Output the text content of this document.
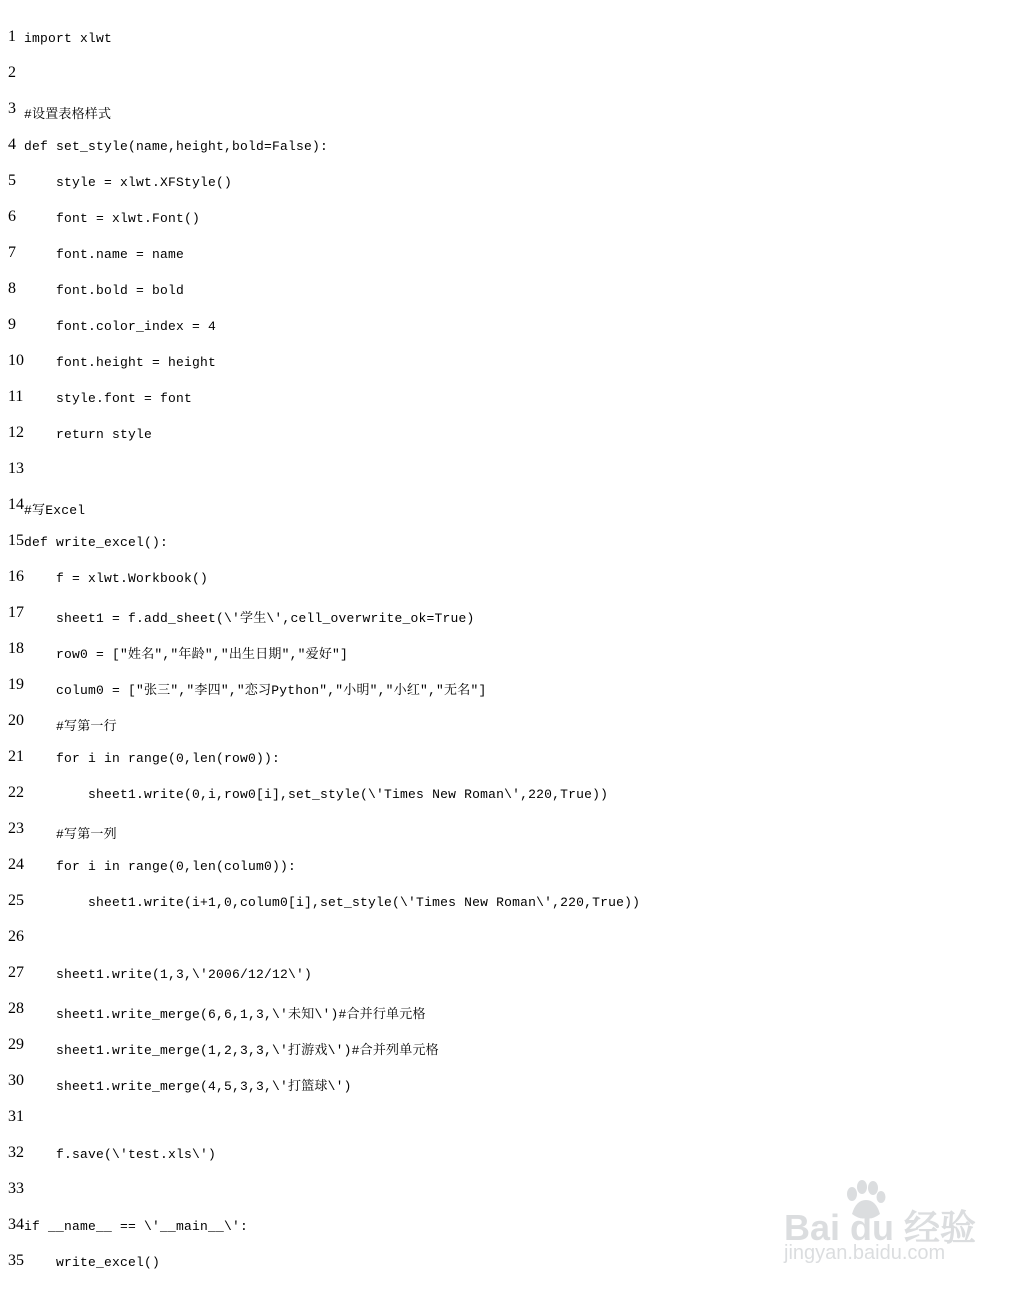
1 import xlwt
2
3 #设置表格样式
4 def set_style(name,height,bold=False):
5 style = xlwt.XFStyle()
6 font = xlwt.Font()
7 font.name = name
8 font.bold = bold
9 font.color_index = 4
10 font.height = height
11 style.font = font
12 return style
13
14 #写Excel
15 def write_excel():
16 f = xlwt.Workbook()
17 sheet1 = f.add_sheet(\'学生\',cell_overwrite_ok=True)
18 row0 = ["姓名","年龄","出生日期","爱好"]
19 colum0 = ["张三","李四","恋习Python","小明","小红","无名"]
20 #写第一行
21 for i in range(0,len(row0)):
22 sheet1.write(0,i,row0[i],set_style(\'Times New Roman\',220,True))
23 #写第一列
24 for i in range(0,len(colum0)):
25 sheet1.write(i+1,0,colum0[i],set_style(\'Times New Roman\',220,True))
26
27 sheet1.write(1,3,\'2006/12/12\')
28 sheet1.write_merge(6,6,1,3,\'未知\')#合并行单元格
29 sheet1.write_merge(1,2,3,3,\'打游戏\')#合并列单元格
30 sheet1.write_merge(4,5,3,3,\'打篮球\')
31
32 f.save(\'test.xls\')
33
34 if __name__ == \'__main__\':
35 write_excel()
Bai du 经验
jingyan.baidu.com
